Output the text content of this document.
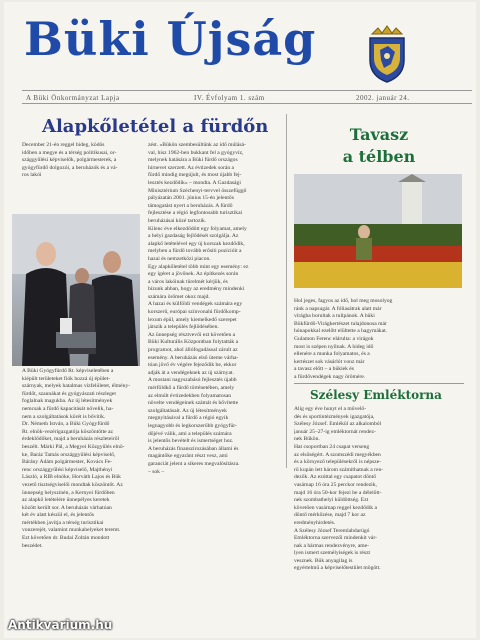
Büki Újság
A Büki Önkormányzat Lapja	IV. Évfolyam 1. szám	2002. január 24.
Alapkőletétel a fürdőn
December 21-én reggel hideg, ködös
időben a megye és a térség politikusai, or-
szággyűlési képviselők, polgármesterek, a
gyógyfürdő dolgozói, a beruházók és a vá-
ros lakói
A Büki Gyógyfürdő Rt. képviseletében a
kiépült területeket fiók hozzá új épület-
szárnyak, melyek hatalmas vízfelületet, élmény-
fürdőt, szaunákat és gyógyászati részleget
foglalnak magukba. Az új létesítmények
nemcsak a fürdő kapacitását növelik, ha-
nem a szolgáltatások körét is bővítik.
Dr. Németh István, a Büki Gyógyfürdő
Rt. elnök-vezérigazgatója köszöntötte az
érdeklődőket, majd a beruházás részleteiről
beszélt. Márki Pál, a Megyei Közgyűlés elnö-
ke, Baráz Tamás országgyűlési képviselő,
Bárány Ádám polgármester, Kovács Fe-
renc országgyűlési képviselő, Majthényi
László, a RIB elnöke, Horváth Lajos és Bük
vezető tisztségviselői mondtak köszöntőt. Az
ünnepség helyszínén, a Kernyei fürdőben
az alapkő letételére ünnepélyes keretek
között került sor. A beruházás várhatóan
két év alatt készül el, és jelentős
mértékben javítja a térség turisztikai
vonzerejét, valamint munkahelyeket teremt.
Ezt követően dr. Budai Zoltán mondott
beszédet.
zést. »Bükön szembesültünk az idő múlásá-
val, hisz 1962-ben bukkant fel a gyógyvíz,
melynek hatására a Büki fürdő országos
hírnevet szerzett. Az évtizedek során a
fürdő mindig megújult, és most újabb fej-
lesztés kezdődik« – mondta. A Gazdasági
Minisztérium Széchenyi-tervvel összefüggő
pályázatán 2001. június 15-én jelentős
támogatást nyert a beruházás. A fürdő
fejlesztése a régió legfontosabb turisztikai
beruházásai közé tartozik.
Kilenc éve elkezdődött egy folyamat, amely
a helyi gazdaság fejlődését szolgálja. Az
alapkő letételével egy új korszak kezdődik,
melyben a fürdő tovább erősíti pozícióit a
hazai és nemzetközi piacon.
Egy alapkőletétel több mint egy esemény: ez
egy ígéret a jövőnek. Az építkezés során
a város lakóinak türelmét kérjük, és
bízunk abban, hogy az eredmény mindenki
számára örömet okoz majd.
A hazai és külföldi vendégek számára egy
korszerű, európai színvonalú fürdőkomp-
lexum épül, amely kiemelkedő szerepet
játszik a település fejlődésében.
Az ünnepség résztvevői ezt követően a
Büki Kulturális Központban folytatták a
programot, ahol állófogadással zárult az
esemény. A beruházás első üteme várha-
tóan jövő év végére fejeződik be, ekkor
adják át a vendégeknek az új szárnyat.
A mostani nagyszabású fejlesztés újabb
mérföldkő a fürdő történetében, amely
az elmúlt évtizedekben folyamatosan
növelte vendégeinek számát és bővítette
szolgáltatásait. Az új létesítmények
megnyitásával a fürdő a régió egyik
legnagyobb és legkorszerűbb gyógyfür-
dőjévé válik, ami a település számára
is jelentős bevételt és ismertséget hoz.
A beruházás finanszírozásában állami és
magántőke egyaránt részt vesz, ami
garanciát jelent a sikeres megvalósításra.
– sok –
Tavasz
a télben
Hol jeges, fagyos az idő, hol meg mosolyog
ránk a napsugár. A fóliasátrak alatt már
virágba borultak a tulipánok. A büki
Bükfürdő-Virágkertészet tulajdonosa már
hónapokkal ezelőtt elültette a hagymákat.
Gulamon Ferenc elárulta: a virágok
most is szépen nyílnak. A hideg idő
ellenére a munka folyamatos, és a
kertészet sok vásárlót vonz már
a tavasz előtt – a bükiek és
a fürdővendégek nagy örömére.
Szélesy Emléktorna
Alig egy éve hunyt el a művelő-
dés és sportintézmények igazgatója,
Szélesy József. Emlékül az alkalomból
január 25–27-ig emléktornát rendez-
nek Bükön.
Hat csoportban 24 csapat verseng
az elsőségért. A szomszédi megyékben
és a környező településekről is népsze-
rű kupán lett három számíthatnak a ren-
dezők. Az ezúttal egy csapatot döntő
vasárnap 16 óra 25 perckor rendezik,
majd 16 óra 50-kor fejezi be a délelőtt-
nek szombathelyi küldöttség. Ezt
követően vasárnap reggel kezdődik a
döntő mérkőzése, majd 7 kor az
eredményhirdetés.
A Szélesy József Teremlabdarúgó
Emléktorna szervezői mindenkit vár-
nak a hármas rendezvényre, ame-
lyen ismert személyiségek is részt
vesznek. Bük anyagilag is
egyértelmű a képviselőtestület mögött.
Antikvarium.hu
